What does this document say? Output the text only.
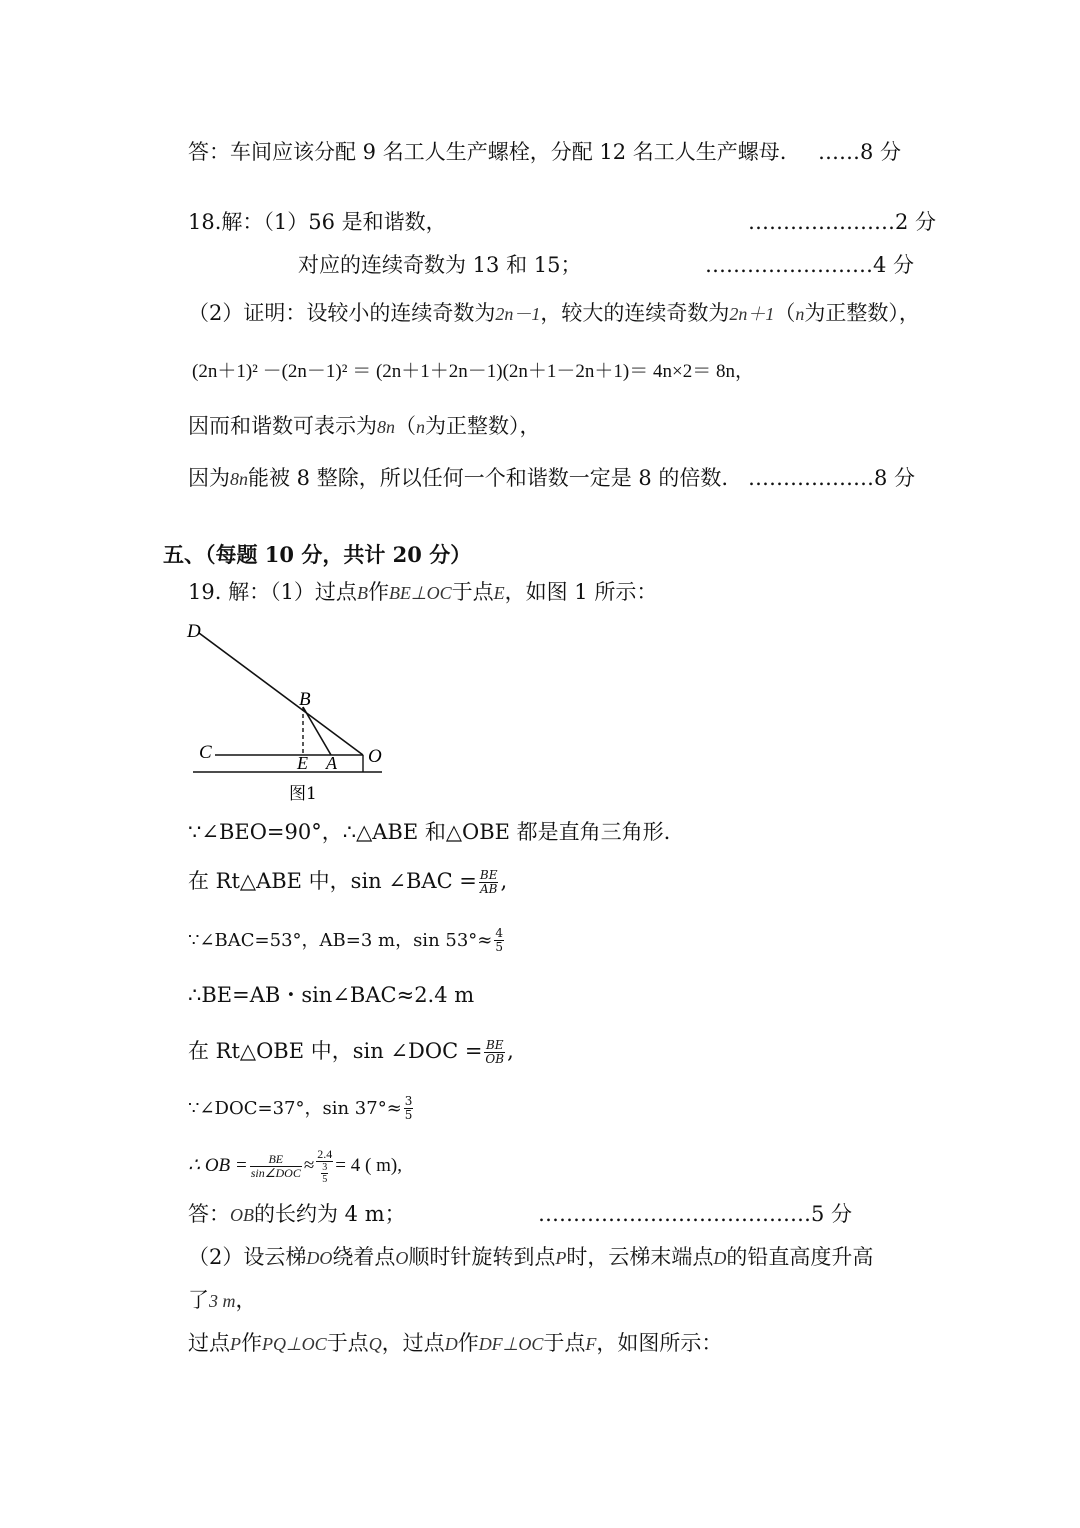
答：车间应该分配 9 名工人生产螺栓，分配 12 名工人生产螺母. ……8 分
18.解：（1）56 是和谐数，	…………………2 分
对应的连续奇数为 13 和 15；	……………………4 分
（2）证明：设较小的连续奇数为2n－1，较大的连续奇数为2n＋1（n为正整数），
(2n＋1)² －(2n－1)² ＝ (2n＋1＋2n－1)(2n＋1－2n＋1)＝ 4n×2＝ 8n，
因而和谐数可表示为8n（n为正整数），
因为8n能被 8 整除，所以任何一个和谐数一定是 8 的倍数. ………………8 分
五、（每题 10 分，共计 20 分）
19. 解：（1）过点B作BE⊥OC于点E，如图 1 所示：
D
B
C	E A O
图1
∵∠BEO=90°，∴△ABE 和△OBE 都是直角三角形.
在 Rt△ABE 中，sin ∠BAC = $\frac{BE}{AB}$ ,
∵∠BAC=53°，AB=3 m，$\sin 53^\circ\approx \frac{4}{5}$
∴BE=AB・sin∠BAC≈2.4 m
在 Rt△OBE 中，sin ∠DOC = $\frac{BE}{OB}$ ,
∵∠DOC=37°，$\sin 37^\circ\approx \frac{3}{5}$
∴ OB = $\frac{BE}{\text{sin∠DOC}} \approx \frac{2.4}{\frac{3}{5}} = 4$ ( m),
答：OB的长约为 4 m；	…………………………………5 分
（2）设云梯DO绕着点O顺时针旋转到点P时，云梯末端点D的铅直高度升高
了3 m，
过点P作PQ⊥OC于点Q，过点D作DF⊥OC于点F，如图所示：
